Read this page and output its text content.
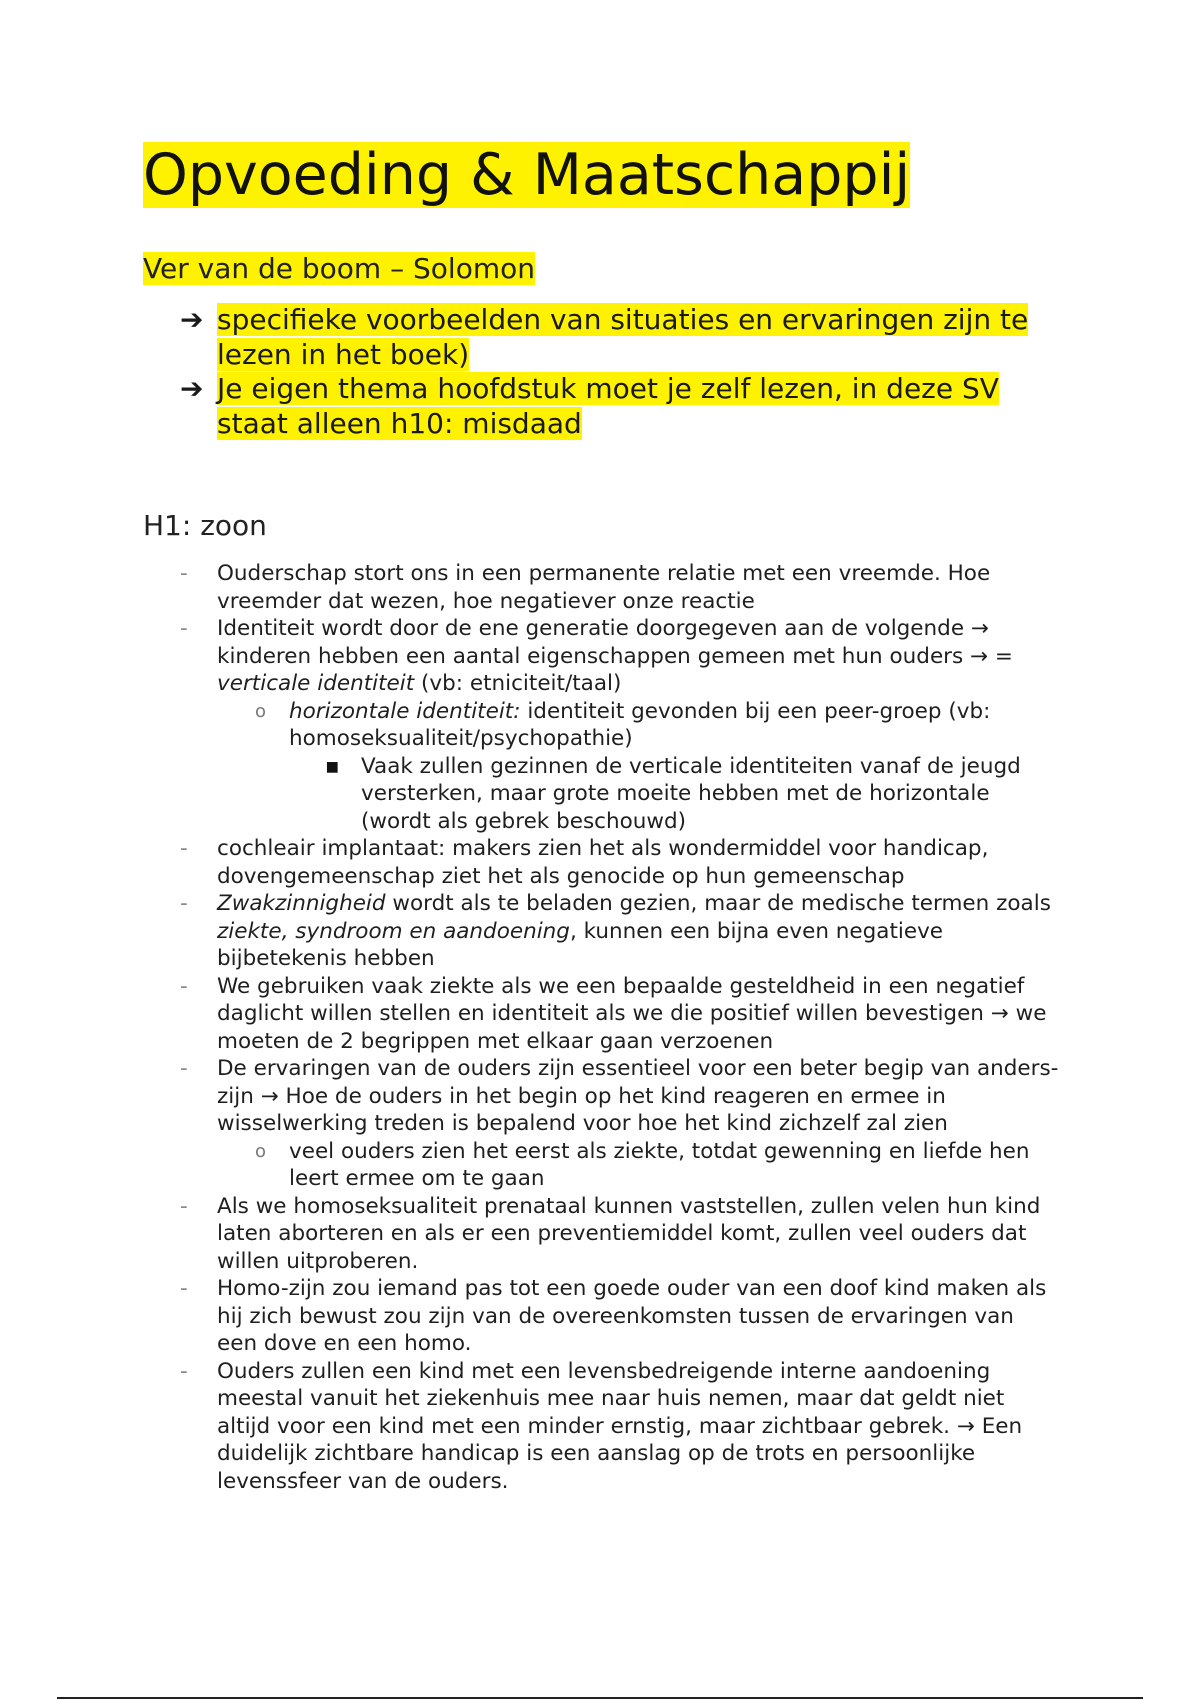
Opvoeding & Maatschappij
Ver van de boom – Solomon
➔ specifieke voorbeelden van situaties en ervaringen zijn te lezen in het boek)
➔ Je eigen thema hoofdstuk moet je zelf lezen, in deze SV staat alleen h10: misdaad
H1: zoon
- Ouderschap stort ons in een permanente relatie met een vreemde. Hoe vreemder dat wezen, hoe negatiever onze reactie
- Identiteit wordt door de ene generatie doorgegeven aan de volgende → kinderen hebben een aantal eigenschappen gemeen met hun ouders → = verticale identiteit (vb: etniciteit/taal)
o horizontale identiteit: identiteit gevonden bij een peer-groep (vb: homoseksualiteit/psychopathie)
▪ Vaak zullen gezinnen de verticale identiteiten vanaf de jeugd versterken, maar grote moeite hebben met de horizontale (wordt als gebrek beschouwd)
- cochleair implantaat: makers zien het als wondermiddel voor handicap, dovengemeenschap ziet het als genocide op hun gemeenschap
- Zwakzinnigheid wordt als te beladen gezien, maar de medische termen zoals ziekte, syndroom en aandoening, kunnen een bijna even negatieve bijbetekenis hebben
- We gebruiken vaak ziekte als we een bepaalde gesteldheid in een negatief daglicht willen stellen en identiteit als we die positief willen bevestigen → we moeten de 2 begrippen met elkaar gaan verzoenen
- De ervaringen van de ouders zijn essentieel voor een beter begip van anders-zijn → Hoe de ouders in het begin op het kind reageren en ermee in wisselwerking treden is bepalend voor hoe het kind zichzelf zal zien
o veel ouders zien het eerst als ziekte, totdat gewenning en liefde hen leert ermee om te gaan
- Als we homoseksualiteit prenataal kunnen vaststellen, zullen velen hun kind laten aborteren en als er een preventiemiddel komt, zullen veel ouders dat willen uitproberen.
- Homo-zijn zou iemand pas tot een goede ouder van een doof kind maken als hij zich bewust zou zijn van de overeenkomsten tussen de ervaringen van een dove en een homo.
- Ouders zullen een kind met een levensbedreigende interne aandoening meestal vanuit het ziekenhuis mee naar huis nemen, maar dat geldt niet altijd voor een kind met een minder ernstig, maar zichtbaar gebrek. → Een duidelijk zichtbare handicap is een aanslag op de trots en persoonlijke levenssfeer van de ouders.
